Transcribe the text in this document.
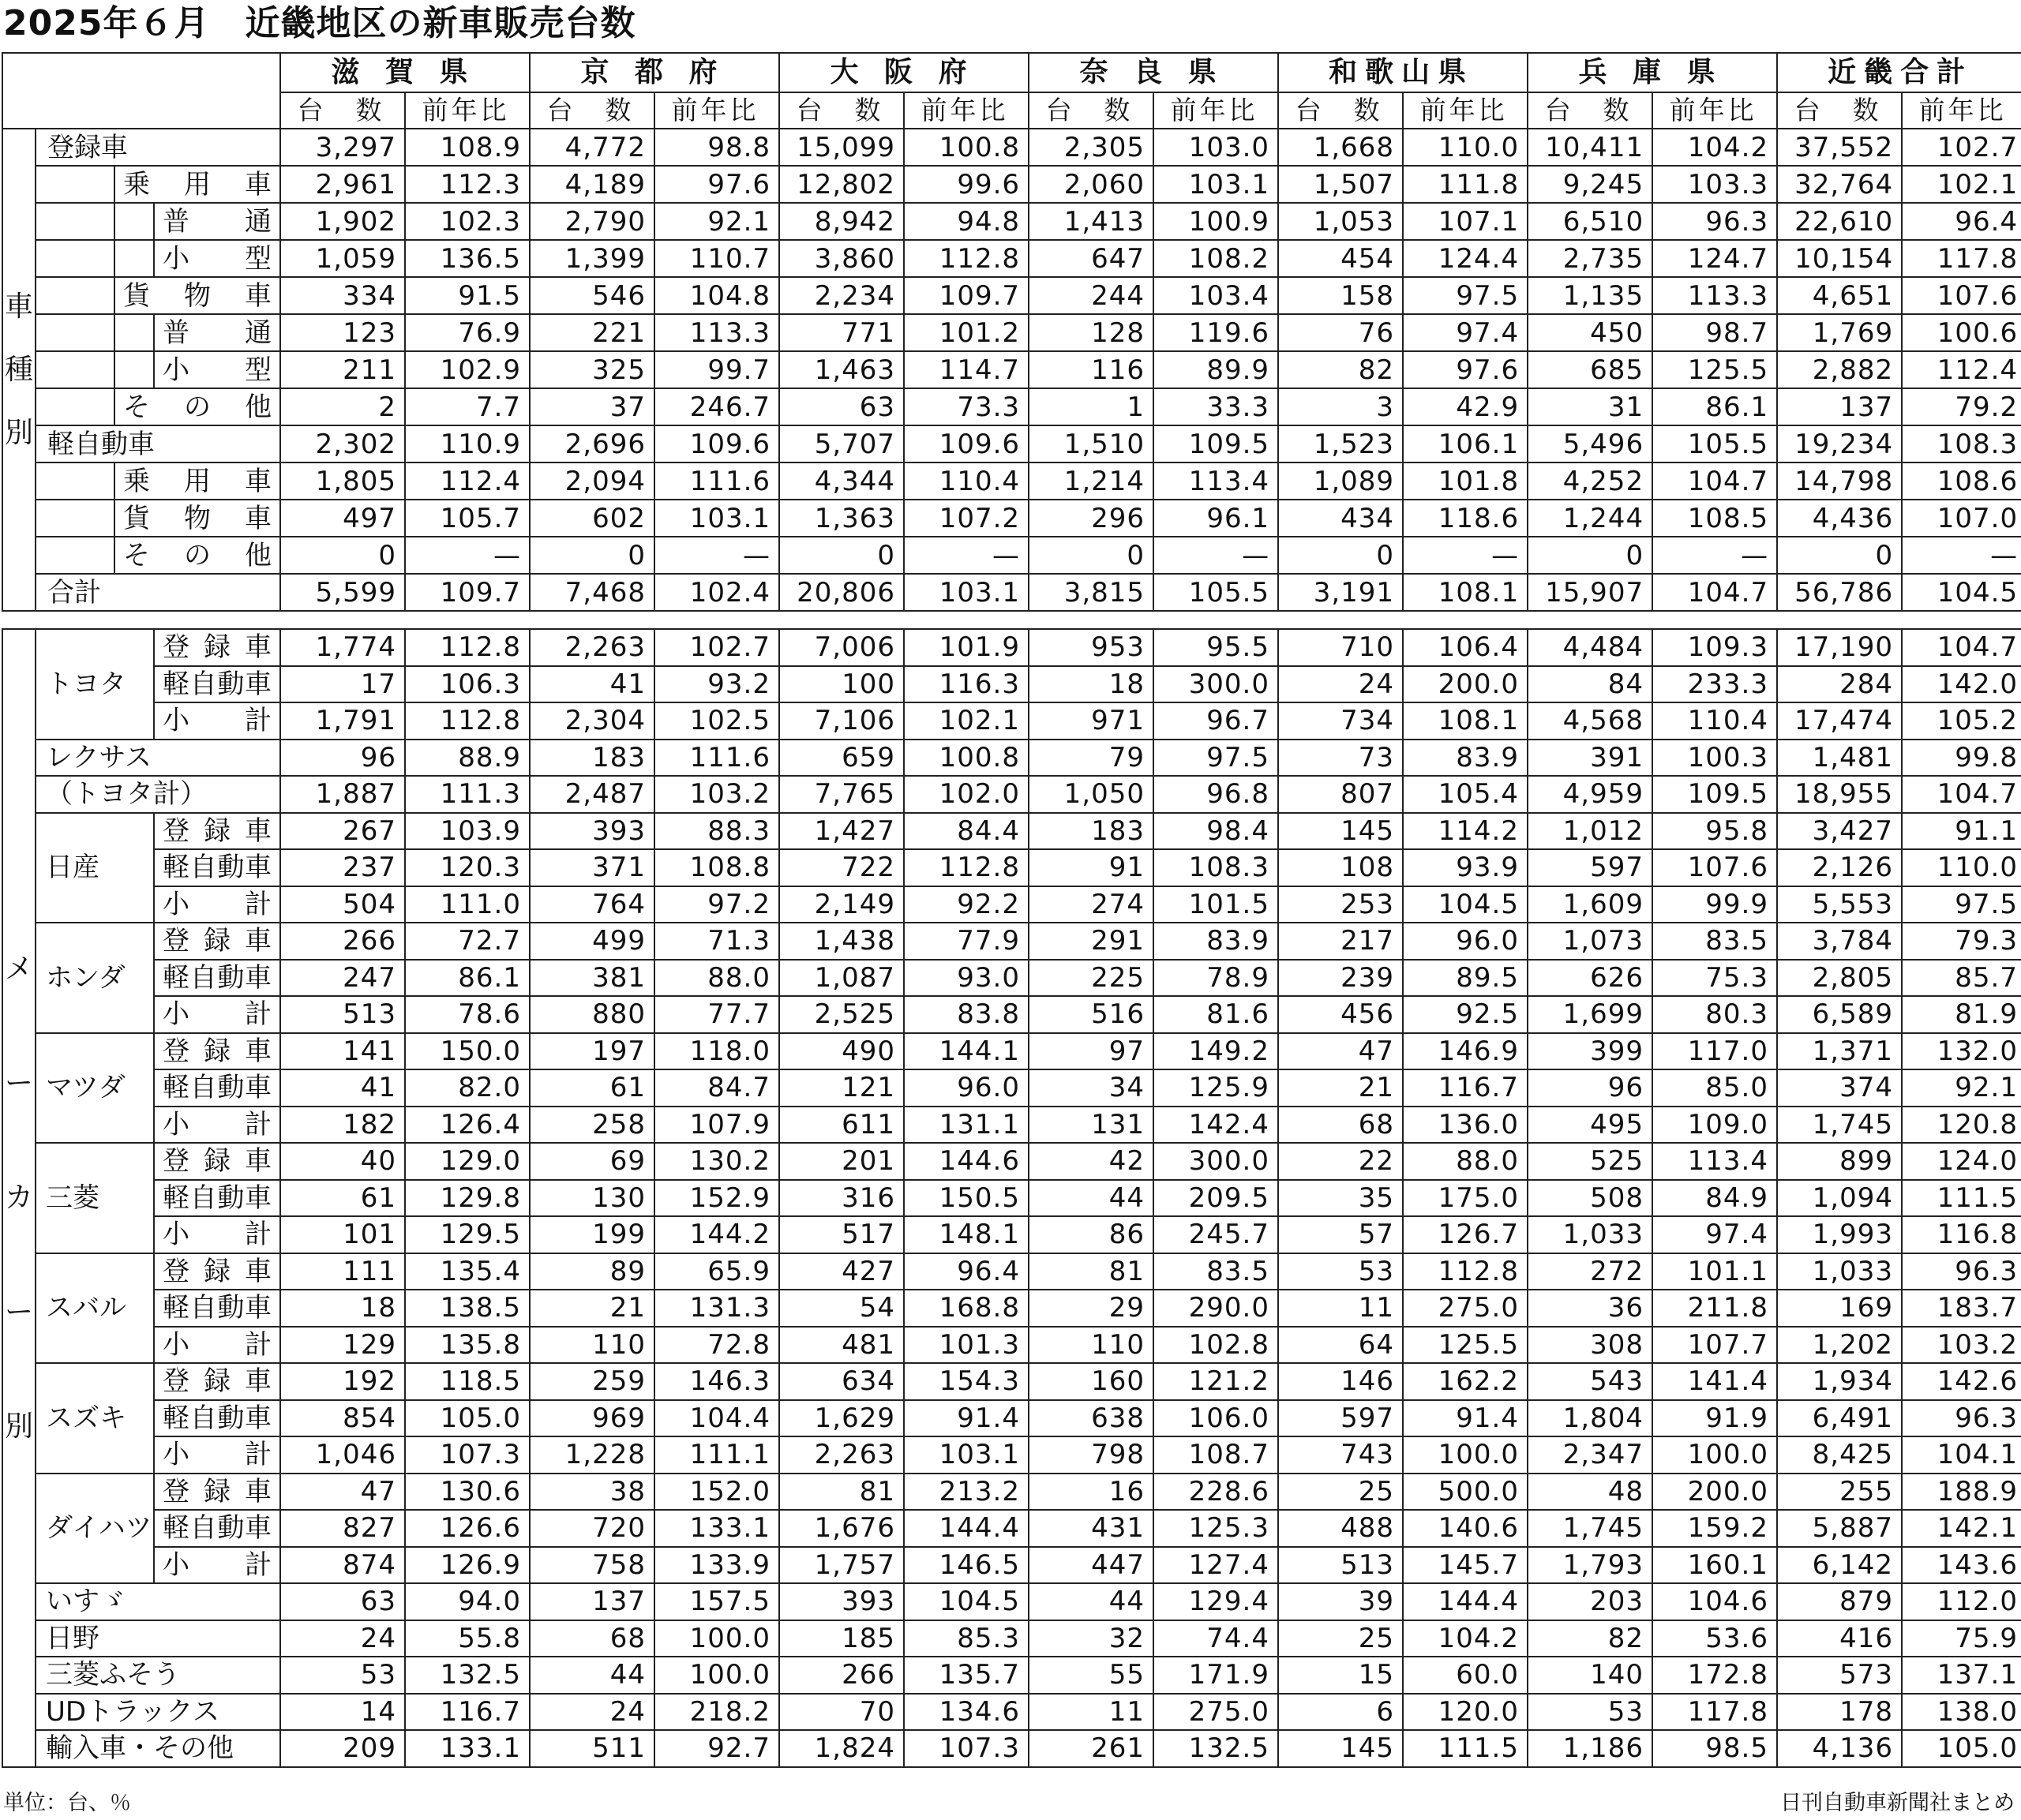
2025年６月　近畿地区の新車販売台数
				滋 賀 県		京 都 府		大 阪 府		奈 良 県		和歌山県		兵 庫 県		近畿合計	
				台　数	前年比	台　数	前年比	台　数	前年比	台　数	前年比	台　数	前年比	台　数	前年比	台　数	前年比

車
種
別	登録車			3,297	108.9	4,772	98.8	15,099	100.8	2,305	103.0	1,668	110.0	10,411	104.2	37,552	102.7
		乗　用　車		2,961	112.3	4,189	97.6	12,802	99.6	2,060	103.1	1,507	111.8	9,245	103.3	32,764	102.1
			普　　通	1,902	102.3	2,790	92.1	8,942	94.8	1,413	100.9	1,053	107.1	6,510	96.3	22,610	96.4
			小　　型	1,059	136.5	1,399	110.7	3,860	112.8	647	108.2	454	124.4	2,735	124.7	10,154	117.8
		貨　物　車		334	91.5	546	104.8	2,234	109.7	244	103.4	158	97.5	1,135	113.3	4,651	107.6
			普　　通	123	76.9	221	113.3	771	101.2	128	119.6	76	97.4	450	98.7	1,769	100.6
			小　　型	211	102.9	325	99.7	1,463	114.7	116	89.9	82	97.6	685	125.5	2,882	112.4
		そ　の　他		2	7.7	37	246.7	63	73.3	1	33.3	3	42.9	31	86.1	137	79.2
	軽自動車			2,302	110.9	2,696	109.6	5,707	109.6	1,510	109.5	1,523	106.1	5,496	105.5	19,234	108.3
		乗　用　車		1,805	112.4	2,094	111.6	4,344	110.4	1,214	113.4	1,089	101.8	4,252	104.7	14,798	108.6
		貨　物　車		497	105.7	602	103.1	1,363	107.2	296	96.1	434	118.6	1,244	108.5	4,436	107.0
		そ　の　他		0	—	0	—	0	—	0	—	0	—	0	—	0	—
	合計			5,599	109.7	7,468	102.4	20,806	103.1	3,815	105.5	3,191	108.1	15,907	104.7	56,786	104.5
メ
ー
カ
ー
別	トヨタ	登 録 車	1,774	112.8	2,263	102.7	7,006	101.9	953	95.5	710	106.4	4,484	109.3	17,190	104.7
		軽自動車	17	106.3	41	93.2	100	116.3	18	300.0	24	200.0	84	233.3	284	142.0
		小　　計	1,791	112.8	2,304	102.5	7,106	102.1	971	96.7	734	108.1	4,568	110.4	17,474	105.2
	レクサス		96	88.9	183	111.6	659	100.8	79	97.5	73	83.9	391	100.3	1,481	99.8
	（トヨタ計）		1,887	111.3	2,487	103.2	7,765	102.0	1,050	96.8	807	105.4	4,959	109.5	18,955	104.7
	日産	登 録 車	267	103.9	393	88.3	1,427	84.4	183	98.4	145	114.2	1,012	95.8	3,427	91.1
		軽自動車	237	120.3	371	108.8	722	112.8	91	108.3	108	93.9	597	107.6	2,126	110.0
		小　　計	504	111.0	764	97.2	2,149	92.2	274	101.5	253	104.5	1,609	99.9	5,553	97.5
	ホンダ	登 録 車	266	72.7	499	71.3	1,438	77.9	291	83.9	217	96.0	1,073	83.5	3,784	79.3
		軽自動車	247	86.1	381	88.0	1,087	93.0	225	78.9	239	89.5	626	75.3	2,805	85.7
		小　　計	513	78.6	880	77.7	2,525	83.8	516	81.6	456	92.5	1,699	80.3	6,589	81.9
	マツダ	登 録 車	141	150.0	197	118.0	490	144.1	97	149.2	47	146.9	399	117.0	1,371	132.0
		軽自動車	41	82.0	61	84.7	121	96.0	34	125.9	21	116.7	96	85.0	374	92.1
		小　　計	182	126.4	258	107.9	611	131.1	131	142.4	68	136.0	495	109.0	1,745	120.8
	三菱	登 録 車	40	129.0	69	130.2	201	144.6	42	300.0	22	88.0	525	113.4	899	124.0
		軽自動車	61	129.8	130	152.9	316	150.5	44	209.5	35	175.0	508	84.9	1,094	111.5
		小　　計	101	129.5	199	144.2	517	148.1	86	245.7	57	126.7	1,033	97.4	1,993	116.8
	スバル	登 録 車	111	135.4	89	65.9	427	96.4	81	83.5	53	112.8	272	101.1	1,033	96.3
		軽自動車	18	138.5	21	131.3	54	168.8	29	290.0	11	275.0	36	211.8	169	183.7
		小　　計	129	135.8	110	72.8	481	101.3	110	102.8	64	125.5	308	107.7	1,202	103.2
	スズキ	登 録 車	192	118.5	259	146.3	634	154.3	160	121.2	146	162.2	543	141.4	1,934	142.6
		軽自動車	854	105.0	969	104.4	1,629	91.4	638	106.0	597	91.4	1,804	91.9	6,491	96.3
		小　　計	1,046	107.3	1,228	111.1	2,263	103.1	798	108.7	743	100.0	2,347	100.0	8,425	104.1
	ダイハツ	登 録 車	47	130.6	38	152.0	81	213.2	16	228.6	25	500.0	48	200.0	255	188.9
		軽自動車	827	126.6	720	133.1	1,676	144.4	431	125.3	488	140.6	1,745	159.2	5,887	142.1
		小　　計	874	126.9	758	133.9	1,757	146.5	447	127.4	513	145.7	1,793	160.1	6,142	143.6
	いすゞ		63	94.0	137	157.5	393	104.5	44	129.4	39	144.4	203	104.6	879	112.0
	日野		24	55.8	68	100.0	185	85.3	32	74.4	25	104.2	82	53.6	416	75.9
	三菱ふそう		53	132.5	44	100.0	266	135.7	55	171.9	15	60.0	140	172.8	573	137.1
	UDトラックス		14	116.7	24	218.2	70	134.6	11	275.0	6	120.0	53	117.8	178	138.0
	輸入車・その他		209	133.1	511	92.7	1,824	107.3	261	132.5	145	111.5	1,186	98.5	4,136	105.0
単位：台、％	日刊自動車新聞社まとめ
